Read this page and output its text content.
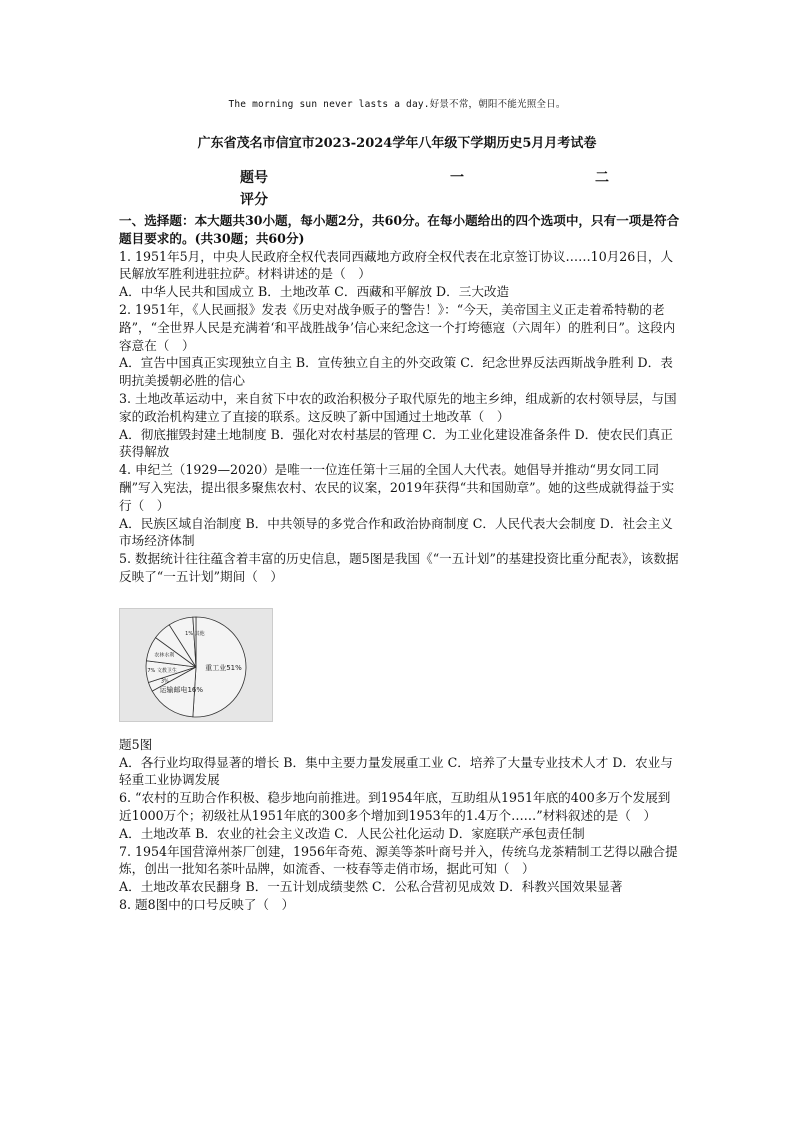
The morning sun never lasts a day.好景不常，朝阳不能光照全日。
广东省茂名市信宜市2023-2024学年八年级下学期历史5月月考试卷
题号	一	二
评分

一、选择题：本大题共30小题，每小题2分，共60分。在每小题给出的四个选项中，只有一项是符合题目要求的。(共30题；共60分)

1. 1951年5月，中央人民政府全权代表同西藏地方政府全权代表在北京签订协议……10月26日，人民解放军胜利进驻拉萨。材料讲述的是（　）

A．中华人民共和国成立 B．土地改革 C．西藏和平解放 D．三大改造

2. 1951年，《人民画报》发表《历史对战争贩子的警告！》：“今天，美帝国主义正走着希特勒的老路”，“全世界人民是充满着‘和平战胜战争’信心来纪念这一个打垮德寇（六周年）的胜利日”。这段内容意在（　）

A．宣告中国真正实现独立自主 B．宣传独立自主的外交政策 C．纪念世界反法西斯战争胜利 D．表明抗美援朝必胜的信心

3. 土地改革运动中，来自贫下中农的政治积极分子取代原先的地主乡绅，组成新的农村领导层，与国家的政治机构建立了直接的联系。这反映了新中国通过土地改革（　）

A．彻底摧毁封建土地制度 B．强化对农村基层的管理 C．为工业化建设准备条件 D．使农民们真正获得解放

4. 申纪兰（1929—2020）是唯一一位连任第十三届的全国人大代表。她倡导并推动“男女同工同酬”写入宪法，提出很多聚焦农村、农民的议案，2019年获得“共和国勋章”。她的这些成就得益于实行（　）

A．民族区域自治制度 B．中共领导的多党合作和政治协商制度 C．人民代表大会制度 D．社会主义市场经济体制

5. 数据统计往往蕴含着丰富的历史信息，题5图是我国《“一五计划”的基建投资比重分配表》，该数据反映了“一五计划”期间（　）

重工业51%
运输邮电16%
3%
7% 文教卫生
农林水利
1% 其他

题5图

A．各行业均取得显著的增长 B．集中主要力量发展重工业 C．培养了大量专业技术人才 D．农业与轻重工业协调发展

6. “农村的互助合作积极、稳步地向前推进。到1954年底，互助组从1951年底的400多万个发展到近1000万个；初级社从1951年底的300多个增加到1953年的1.4万个……”材料叙述的是（　）

A．土地改革 B．农业的社会主义改造 C．人民公社化运动 D．家庭联产承包责任制

7. 1954年国营漳州茶厂创建，1956年奇苑、源美等茶叶商号并入，传统乌龙茶精制工艺得以融合提炼，创出一批知名茶叶品牌，如流香、一枝春等走俏市场，据此可知（　）

A．土地改革农民翻身 B．一五计划成绩斐然 C．公私合营初见成效 D．科教兴国效果显著

8. 题8图中的口号反映了（　）
